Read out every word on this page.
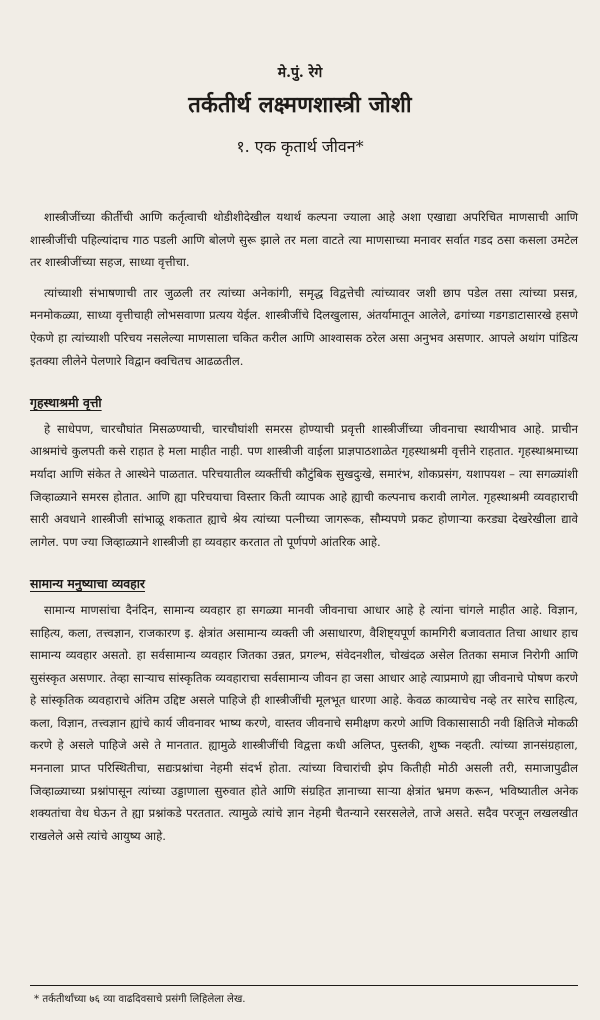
मे.पुं. रेगे
तर्कतीर्थ लक्ष्मणशास्त्री जोशी
१. एक कृतार्थ जीवन*

शास्त्रीजींच्या कीर्तीची आणि कर्तृत्वाची थोडीशीदेखील यथार्थ कल्पना ज्याला आहे अशा एखाद्या अपरिचित माणसाची आणि शास्त्रीजींची पहिल्यांदाच गाठ पडली आणि बोलणे सुरू झाले तर मला वाटते त्या माणसाच्या मनावर सर्वात गडद ठसा कसला उमटेल तर शास्त्रीजींच्या सहज, साध्या वृत्तीचा.

त्यांच्याशी संभाषणाची तार जुळली तर त्यांच्या अनेकांगी, समृद्ध विद्वत्तेची त्यांच्यावर जशी छाप पडेल तसा त्यांच्या प्रसन्न, मनमोकळ्या, साध्या वृत्तीचाही लोभसवाणा प्रत्यय येईल. शास्त्रीजींचे दिलखुलास, अंतर्यामातून आलेले, ढगांच्या गडगडाटासारखे हसणे ऐकणे हा त्यांच्याशी परिचय नसलेल्या माणसाला चकित करील आणि आश्वासक ठरेल असा अनुभव असणार. आपले अथांग पांडित्य इतक्या लीलेने पेलणारे विद्वान क्वचितच आढळतील.

गृहस्थाश्रमी वृत्ती

हे साधेपण, चारचौघांत मिसळण्याची, चारचौघांशी समरस होण्याची प्रवृत्ती शास्त्रीजींच्या जीवनाचा स्थायीभाव आहे. प्राचीन आश्रमांचे कुलपती कसे राहात हे मला माहीत नाही. पण शास्त्रीजी वाईला प्राज्ञपाठशाळेत गृहस्थाश्रमी वृत्तीने राहतात. गृहस्थाश्रमाच्या मर्यादा आणि संकेत ते आस्थेने पाळतात. परिचयातील व्यक्तींची कौटुंबिक सुखदुःखे, समारंभ, शोकप्रसंग, यशापयश – त्या सगळ्यांशी जिव्हाळ्याने समरस होतात. आणि ह्या परिचयाचा विस्तार किती व्यापक आहे ह्याची कल्पनाच करावी लागेल. गृहस्थाश्रमी व्यवहाराची सारी अवधाने शास्त्रीजी सांभाळू शकतात ह्याचे श्रेय त्यांच्या पत्नीच्या जागरूक, सौम्यपणे प्रकट होणाऱ्या करड्या देखरेखीला द्यावे लागेल. पण ज्या जिव्हाळ्याने शास्त्रीजी हा व्यवहार करतात तो पूर्णपणे आंतरिक आहे.

सामान्य मनुष्याचा व्यवहार

सामान्य माणसांचा दैनंदिन, सामान्य व्यवहार हा सगळ्या मानवी जीवनाचा आधार आहे हे त्यांना चांगले माहीत आहे. विज्ञान, साहित्य, कला, तत्त्वज्ञान, राजकारण इ. क्षेत्रांत असामान्य व्यक्ती जी असाधारण, वैशिष्ट्यपूर्ण कामगिरी बजावतात तिचा आधार हाच सामान्य व्यवहार असतो. हा सर्वसामान्य व्यवहार जितका उन्नत, प्रगल्भ, संवेदनशील, चोखंदळ असेल तितका समाज निरोगी आणि सुसंस्कृत असणार. तेव्हा साऱ्याच सांस्कृतिक व्यवहाराचा सर्वसामान्य जीवन हा जसा आधार आहे त्याप्रमाणे ह्या जीवनाचे पोषण करणे हे सांस्कृतिक व्यवहाराचे अंतिम उद्दिष्ट असले पाहिजे ही शास्त्रीजींची मूलभूत धारणा आहे. केवळ काव्याचेच नव्हे तर सारेच साहित्य, कला, विज्ञान, तत्त्वज्ञान ह्यांचे कार्य जीवनावर भाष्य करणे, वास्तव जीवनाचे समीक्षण करणे आणि विकासासाठी नवी क्षितिजे मोकळी करणे हे असले पाहिजे असे ते मानतात. ह्यामुळे शास्त्रीजींची विद्वत्ता कधी अलिप्त, पुस्तकी, शुष्क नव्हती. त्यांच्या ज्ञानसंग्रहाला, मननाला प्राप्त परिस्थितीचा, सद्यःप्रश्नांचा नेहमी संदर्भ होता. त्यांच्या विचारांची झेप कितीही मोठी असली तरी, समाजापुढील जिव्हाळ्याच्या प्रश्नांपासून त्यांच्या उड्डाणाला सुरुवात होते आणि संग्रहित ज्ञानाच्या साऱ्या क्षेत्रांत भ्रमण करून, भविष्यातील अनेक शक्यतांचा वेध घेऊन ते ह्या प्रश्नांकडे परततात. त्यामुळे त्यांचे ज्ञान नेहमी चैतन्याने रसरसलेले, ताजे असते. सदैव परजून लखलखीत राखलेले असे त्यांचे आयुष्य आहे.

* तर्कतीर्थांच्या ७६ व्या वाढदिवसाचे प्रसंगी लिहिलेला लेख.
